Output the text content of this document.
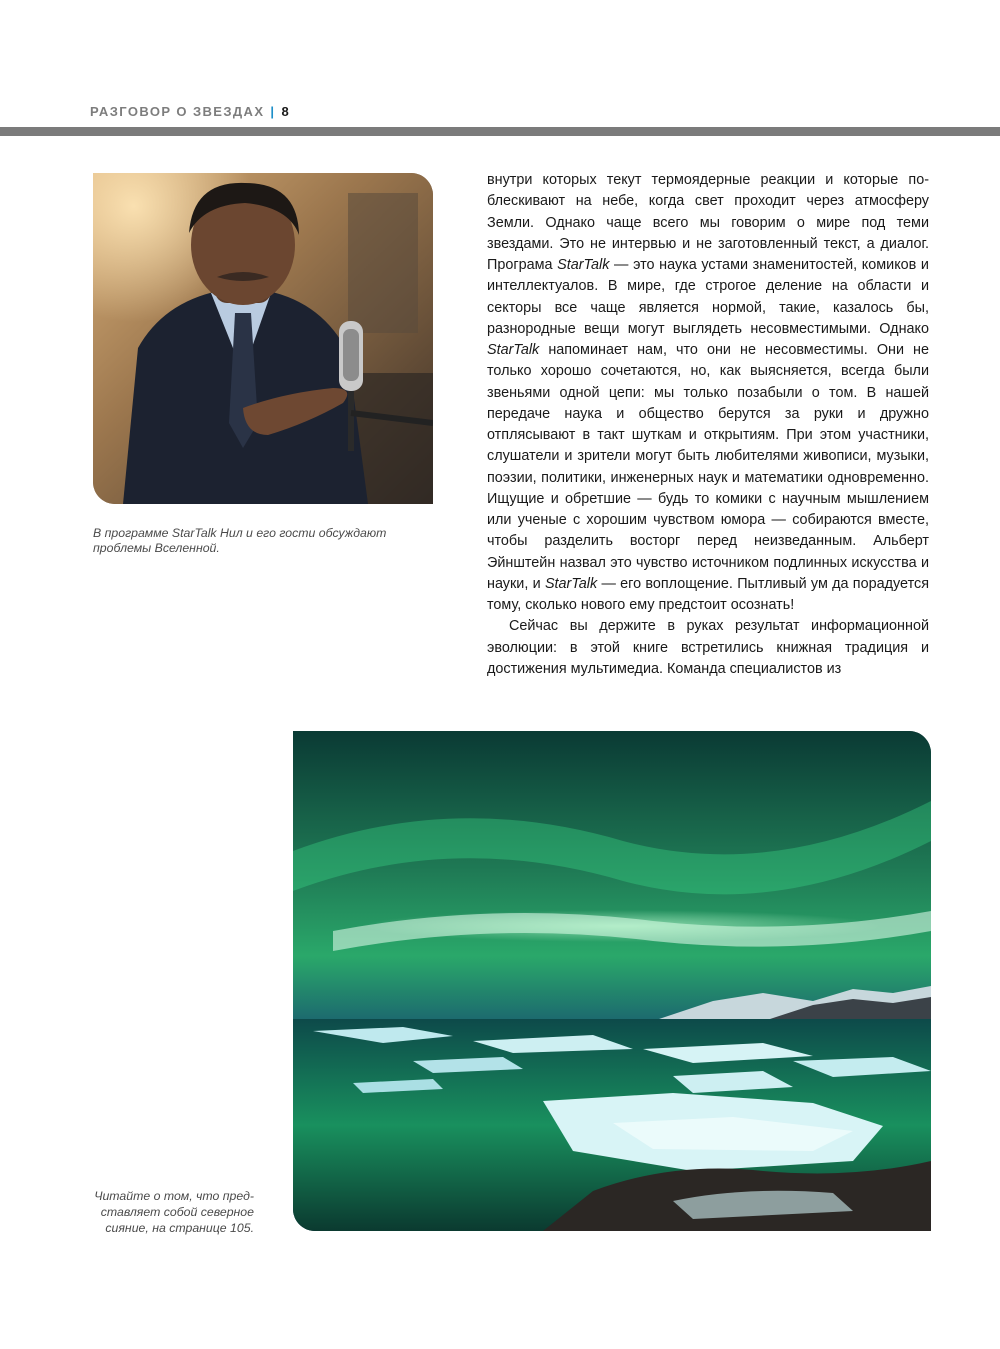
РАЗГОВОР О ЗВЕЗДАХ | 8
В программе StarTalk Нил и его гости обсуждают проблемы Вселенной.

внутри которых текут термоядерные реакции и которые поблескивают на небе, когда свет проходит через атмосферу Земли. Однако чаще всего мы говорим о мире под теми звездами. Это не интервью и не заготовленный текст, а диалог. Програма StarTalk — это наука устами знаменитостей, комиков и интеллектуалов. В мире, где строгое деление на области и секторы все чаще является нормой, такие, казалось бы, разнородные вещи могут выглядеть несовместимыми. Однако StarTalk напоминает нам, что они не несовместимы. Они не только хорошо сочетаются, но, как выясняется, всегда были звеньями одной цепи: мы только позабыли о том. В нашей передаче наука и общество берутся за руки и дружно отплясывают в такт шуткам и открытиям. При этом участники, слушатели и зрители могут быть любителями живописи, музыки, поэзии, политики, инженерных наук и математики одновременно. Ищущие и обретшие — будь то комики с научным мышлением или ученые с хорошим чувством юмора — собираются вместе, чтобы разделить восторг перед неизведанным. Альберт Эйнштейн назвал это чувство источником подлинных искусства и науки, и StarTalk — его воплощение. Пытливый ум да порадуется тому, сколько нового ему предстоит осознать!

Сейчас вы держите в руках результат информационной эволюции: в этой книге встретились книжная традиция и достижения мультимедиа. Команда специалистов из

Читайте о том, что представляет собой северное сияние, на странице 105.
